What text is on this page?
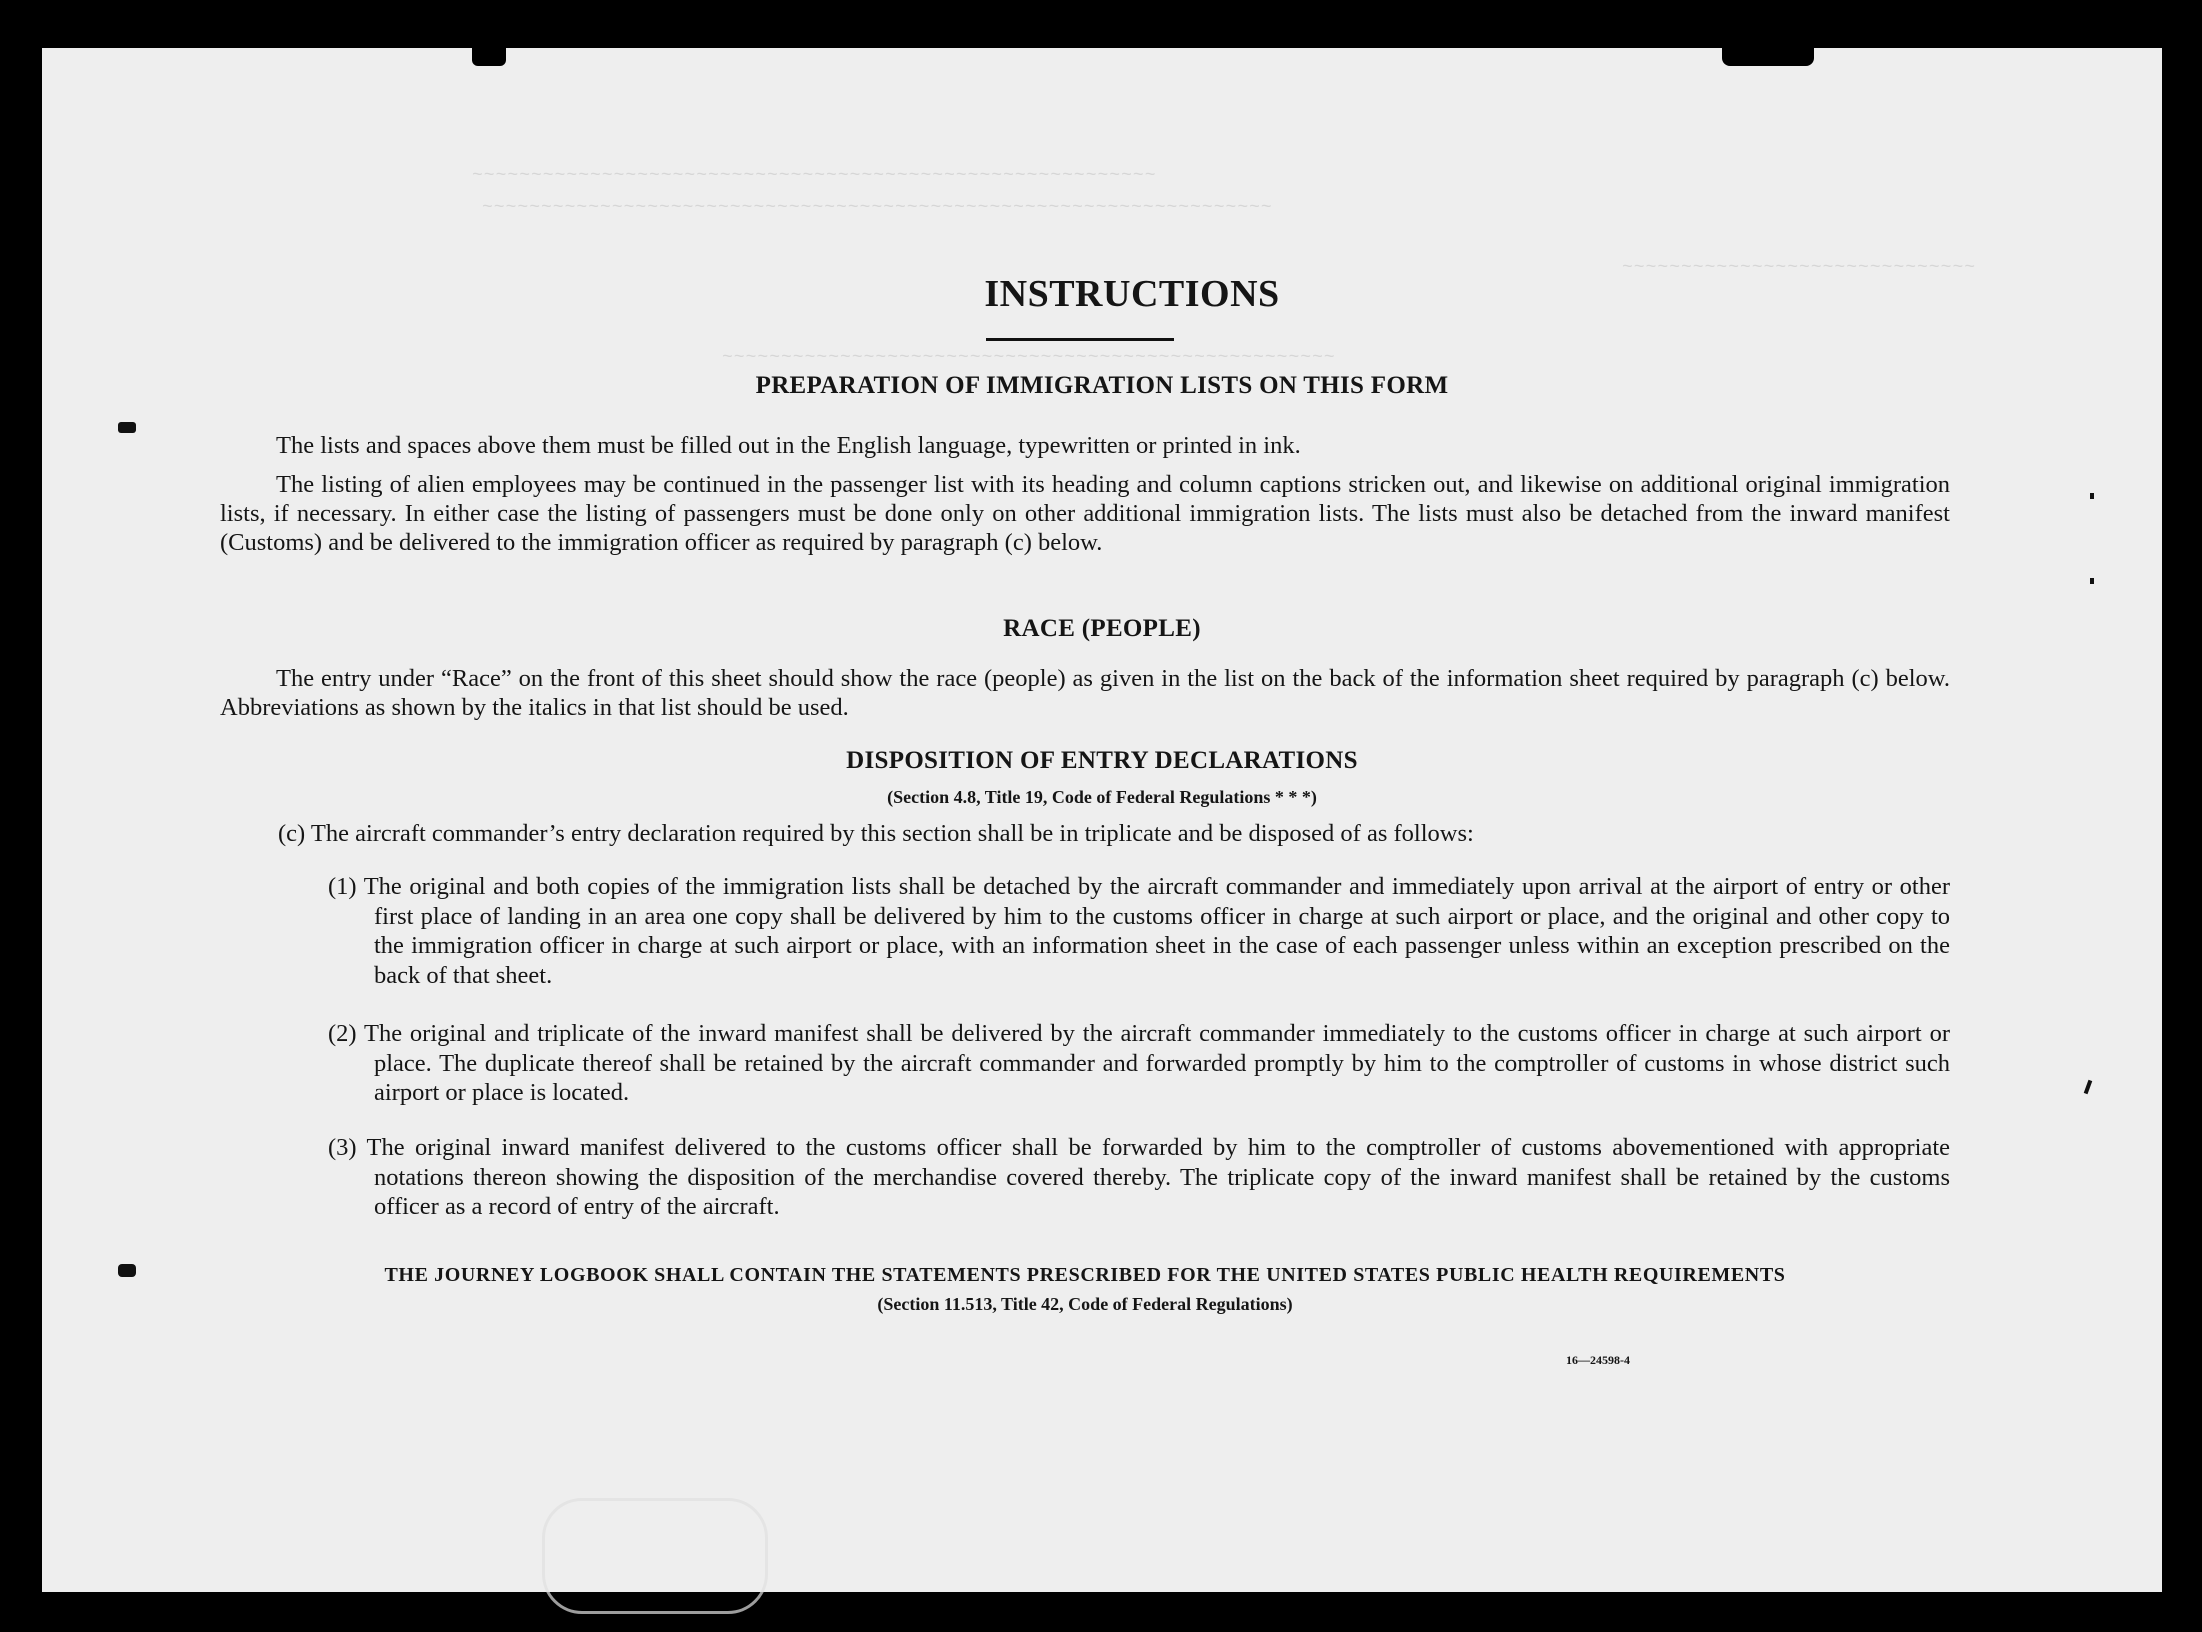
~~~~~~~~~~~~~~~~~~~~~~~~~~~~~~~~~~~~~~~~~~~~~~~~~~~~~~~~~~
~~~~~~~~~~~~~~~~~~~~~~~~~~~~~~~~~~~~~~~~~~~~~~~~~~~~~~~~~~~~~~~~~~~
~~~~~~~~~~~~~~~~~~~~~~~~~~~~~~
~~~~~~~~~~~~~~~~~~~~~~~~~~~~~~~~~~~~~~~~~~~~~~~~~~~~
INSTRUCTIONS
PREPARATION OF IMMIGRATION LISTS ON THIS FORM
The lists and spaces above them must be filled out in the English language, typewritten or printed in ink.
The listing of alien employees may be continued in the passenger list with its heading and column captions stricken out, and likewise on additional original immigration lists, if necessary. In either case the listing of passengers must be done only on other additional immigration lists. The lists must also be detached from the inward manifest (Customs) and be delivered to the immigration officer as required by paragraph (c) below.
RACE (PEOPLE)
The entry under “Race” on the front of this sheet should show the race (people) as given in the list on the back of the information sheet required by paragraph (c) below. Abbreviations as shown by the italics in that list should be used.
DISPOSITION OF ENTRY DECLARATIONS
(Section 4.8, Title 19, Code of Federal Regulations * * *)
(c) The aircraft commander’s entry declaration required by this section shall be in triplicate and be disposed of as follows:
(1) The original and both copies of the immigration lists shall be detached by the aircraft commander and immediately upon arrival at the airport of entry or other first place of landing in an area one copy shall be delivered by him to the customs officer in charge at such airport or place, and the original and other copy to the immigration officer in charge at such airport or place, with an information sheet in the case of each passenger unless within an exception prescribed on the back of that sheet.
(2) The original and triplicate of the inward manifest shall be delivered by the aircraft commander immediately to the customs officer in charge at such airport or place. The duplicate thereof shall be retained by the aircraft commander and forwarded promptly by him to the comptroller of customs in whose district such airport or place is located.
(3) The original inward manifest delivered to the customs officer shall be forwarded by him to the comptroller of customs abovementioned with appropriate notations thereon showing the disposition of the merchandise covered thereby. The triplicate copy of the inward manifest shall be retained by the customs officer as a record of entry of the aircraft.
THE JOURNEY LOGBOOK SHALL CONTAIN THE STATEMENTS PRESCRIBED FOR THE UNITED STATES PUBLIC HEALTH REQUIREMENTS
(Section 11.513, Title 42, Code of Federal Regulations)
16—24598-4
